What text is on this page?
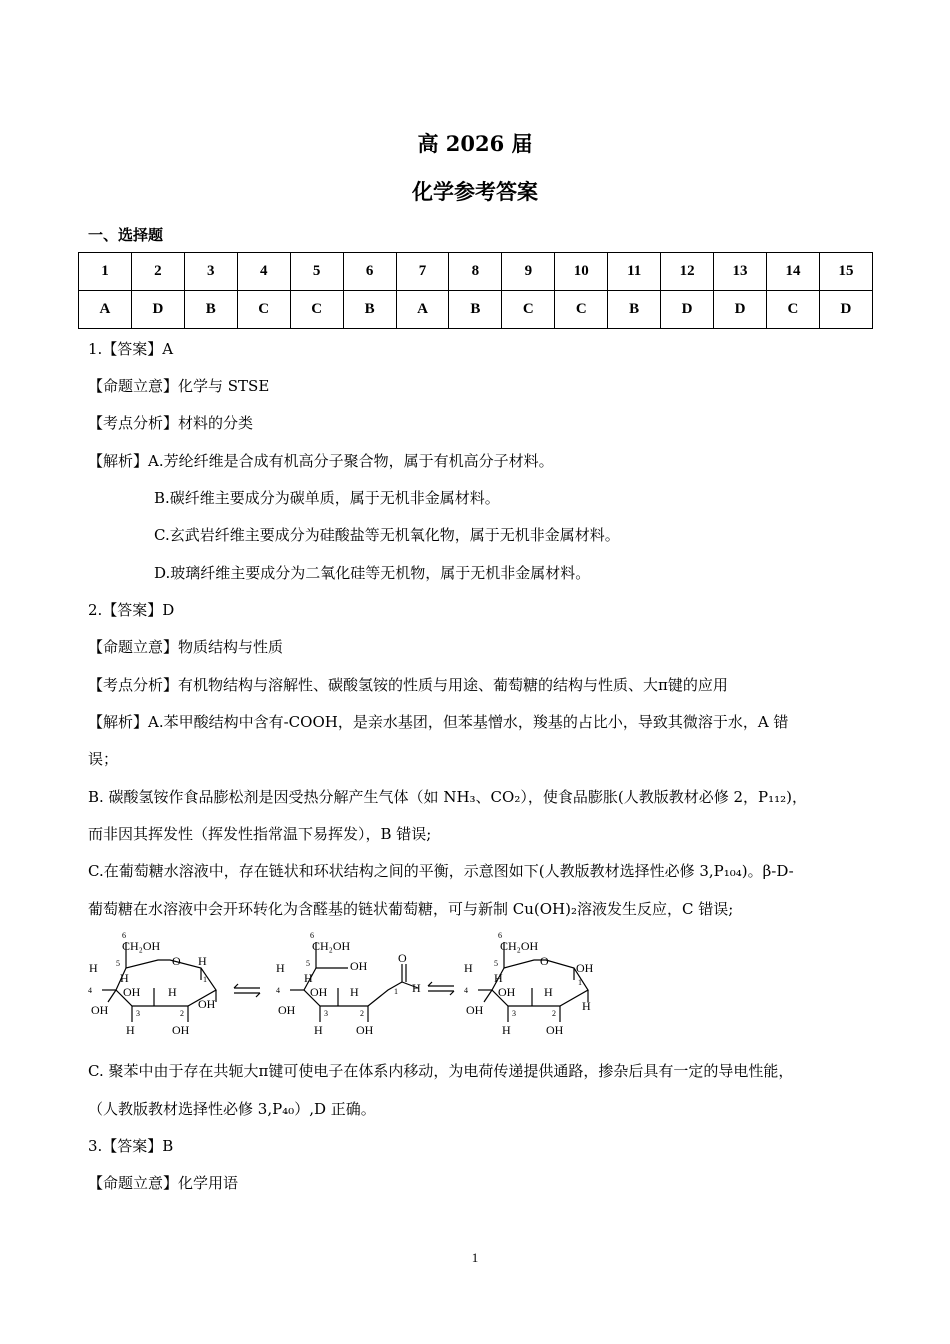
高 2026 届
化学参考答案
一、选择题
1	2	3	4	5	6	7	8	9	10	11	12	13	14	15
A	D	B	C	C	B	A	B	C	C	B	D	D	C	D
1.【答案】A
【命题立意】化学与 STSE
【考点分析】材料的分类
【解析】A.芳纶纤维是合成有机高分子聚合物，属于有机高分子材料。
B.碳纤维主要成分为碳单质，属于无机非金属材料。
C.玄武岩纤维主要成分为硅酸盐等无机氧化物，属于无机非金属材料。
D.玻璃纤维主要成分为二氧化硅等无机物，属于无机非金属材料。
2.【答案】D
【命题立意】物质结构与性质
【考点分析】有机物结构与溶解性、碳酸氢铵的性质与用途、葡萄糖的结构与性质、大π键的应用
【解析】A.苯甲酸结构中含有-COOH，是亲水基团，但苯基憎水，羧基的占比小，导致其微溶于水，A 错
误；
B. 碳酸氢铵作食品膨松剂是因受热分解产生气体（如 NH₃、CO₂），使食品膨胀(人教版教材必修 2，P₁₁₂)，
而非因其挥发性（挥发性指常温下易挥发），B 错误;
C.在葡萄糖水溶液中，存在链状和环状结构之间的平衡，示意图如下(人教版教材选择性必修 3,P₁₀₄)。β-D-
葡萄糖在水溶液中会开环转化为含醛基的链状葡萄糖，可与新制 Cu(OH)₂溶液发生反应，C 错误;
6
CH₂OH
5	O H
1
H
H
4	OH H
OH
OH	3	2
H	OH
6
CH₂OH
5	OH
H
H
4	OH H
O
1 H
OH	3	2
H	OH
6
CH₂OH
5	O OH
1
H
H
4	OH H
H
OH	3	2
H	OH
C. 聚苯中由于存在共轭大π键可使电子在体系内移动，为电荷传递提供通路，掺杂后具有一定的导电性能，
（人教版教材选择性必修 3,P₄₀）,D 正确。
3.【答案】B
【命题立意】化学用语
1
